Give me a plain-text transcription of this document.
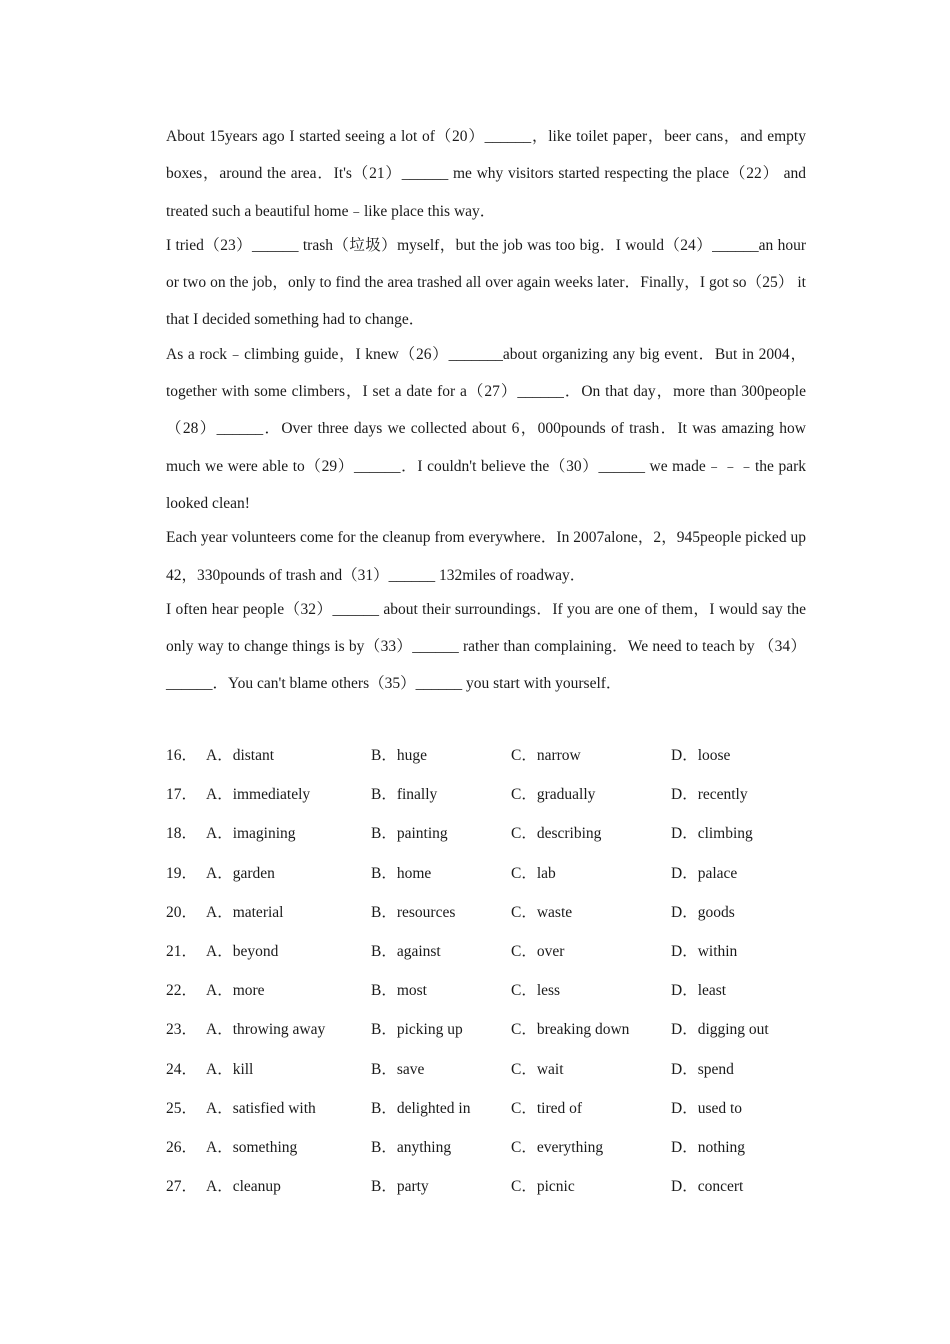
About 15years ago I started seeing a lot of（20）______，like toilet paper，beer cans，and empty boxes，around the area．It's（21）______ me why visitors started respecting the place（22） and treated such a beautiful home﹣like place this way．

I tried（23）______ trash（垃圾）myself，but the job was too big．I would（24）______an hour or two on the job，only to find the area trashed all over again weeks later．Finally，I got so（25） it that I decided something had to change．

As a rock﹣climbing guide，I knew（26）_______about organizing any big event．But in 2004，together with some climbers，I set a date for a（27）______．On that day，more than 300people （28）______．Over three days we collected about 6，000pounds of trash．It was amazing how much we were able to（29）______．I couldn't believe the（30）______ we made﹣﹣﹣the park looked clean!

Each year volunteers come for the cleanup from everywhere．In 2007alone，2，945people picked up 42，330pounds of trash and（31）______ 132miles of roadway．

I often hear people（32）______ about their surroundings．If you are one of them，I would say the only way to change things is by（33）______ rather than complaining．We need to teach by （34）______．You can't blame others（35）______ you start with yourself．

16． A．distant	B．huge	C．narrow	D．loose
17． A．immediately	B．finally	C．gradually	D．recently
18． A．imagining	B．painting	C．describing	D．climbing
19． A．garden	B．home	C．lab	D．palace
20． A．material	B．resources	C．waste	D．goods
21． A．beyond	B．against	C．over	D．within
22． A．more	B．most	C．less	D．least
23． A．throwing away	B．picking up	C．breaking down	D．digging out
24． A．kill	B．save	C．wait	D．spend
25． A．satisfied with	B．delighted in	C．tired of	D．used to
26． A．something	B．anything	C．everything	D．nothing
27． A．cleanup	B．party	C．picnic	D．concert
